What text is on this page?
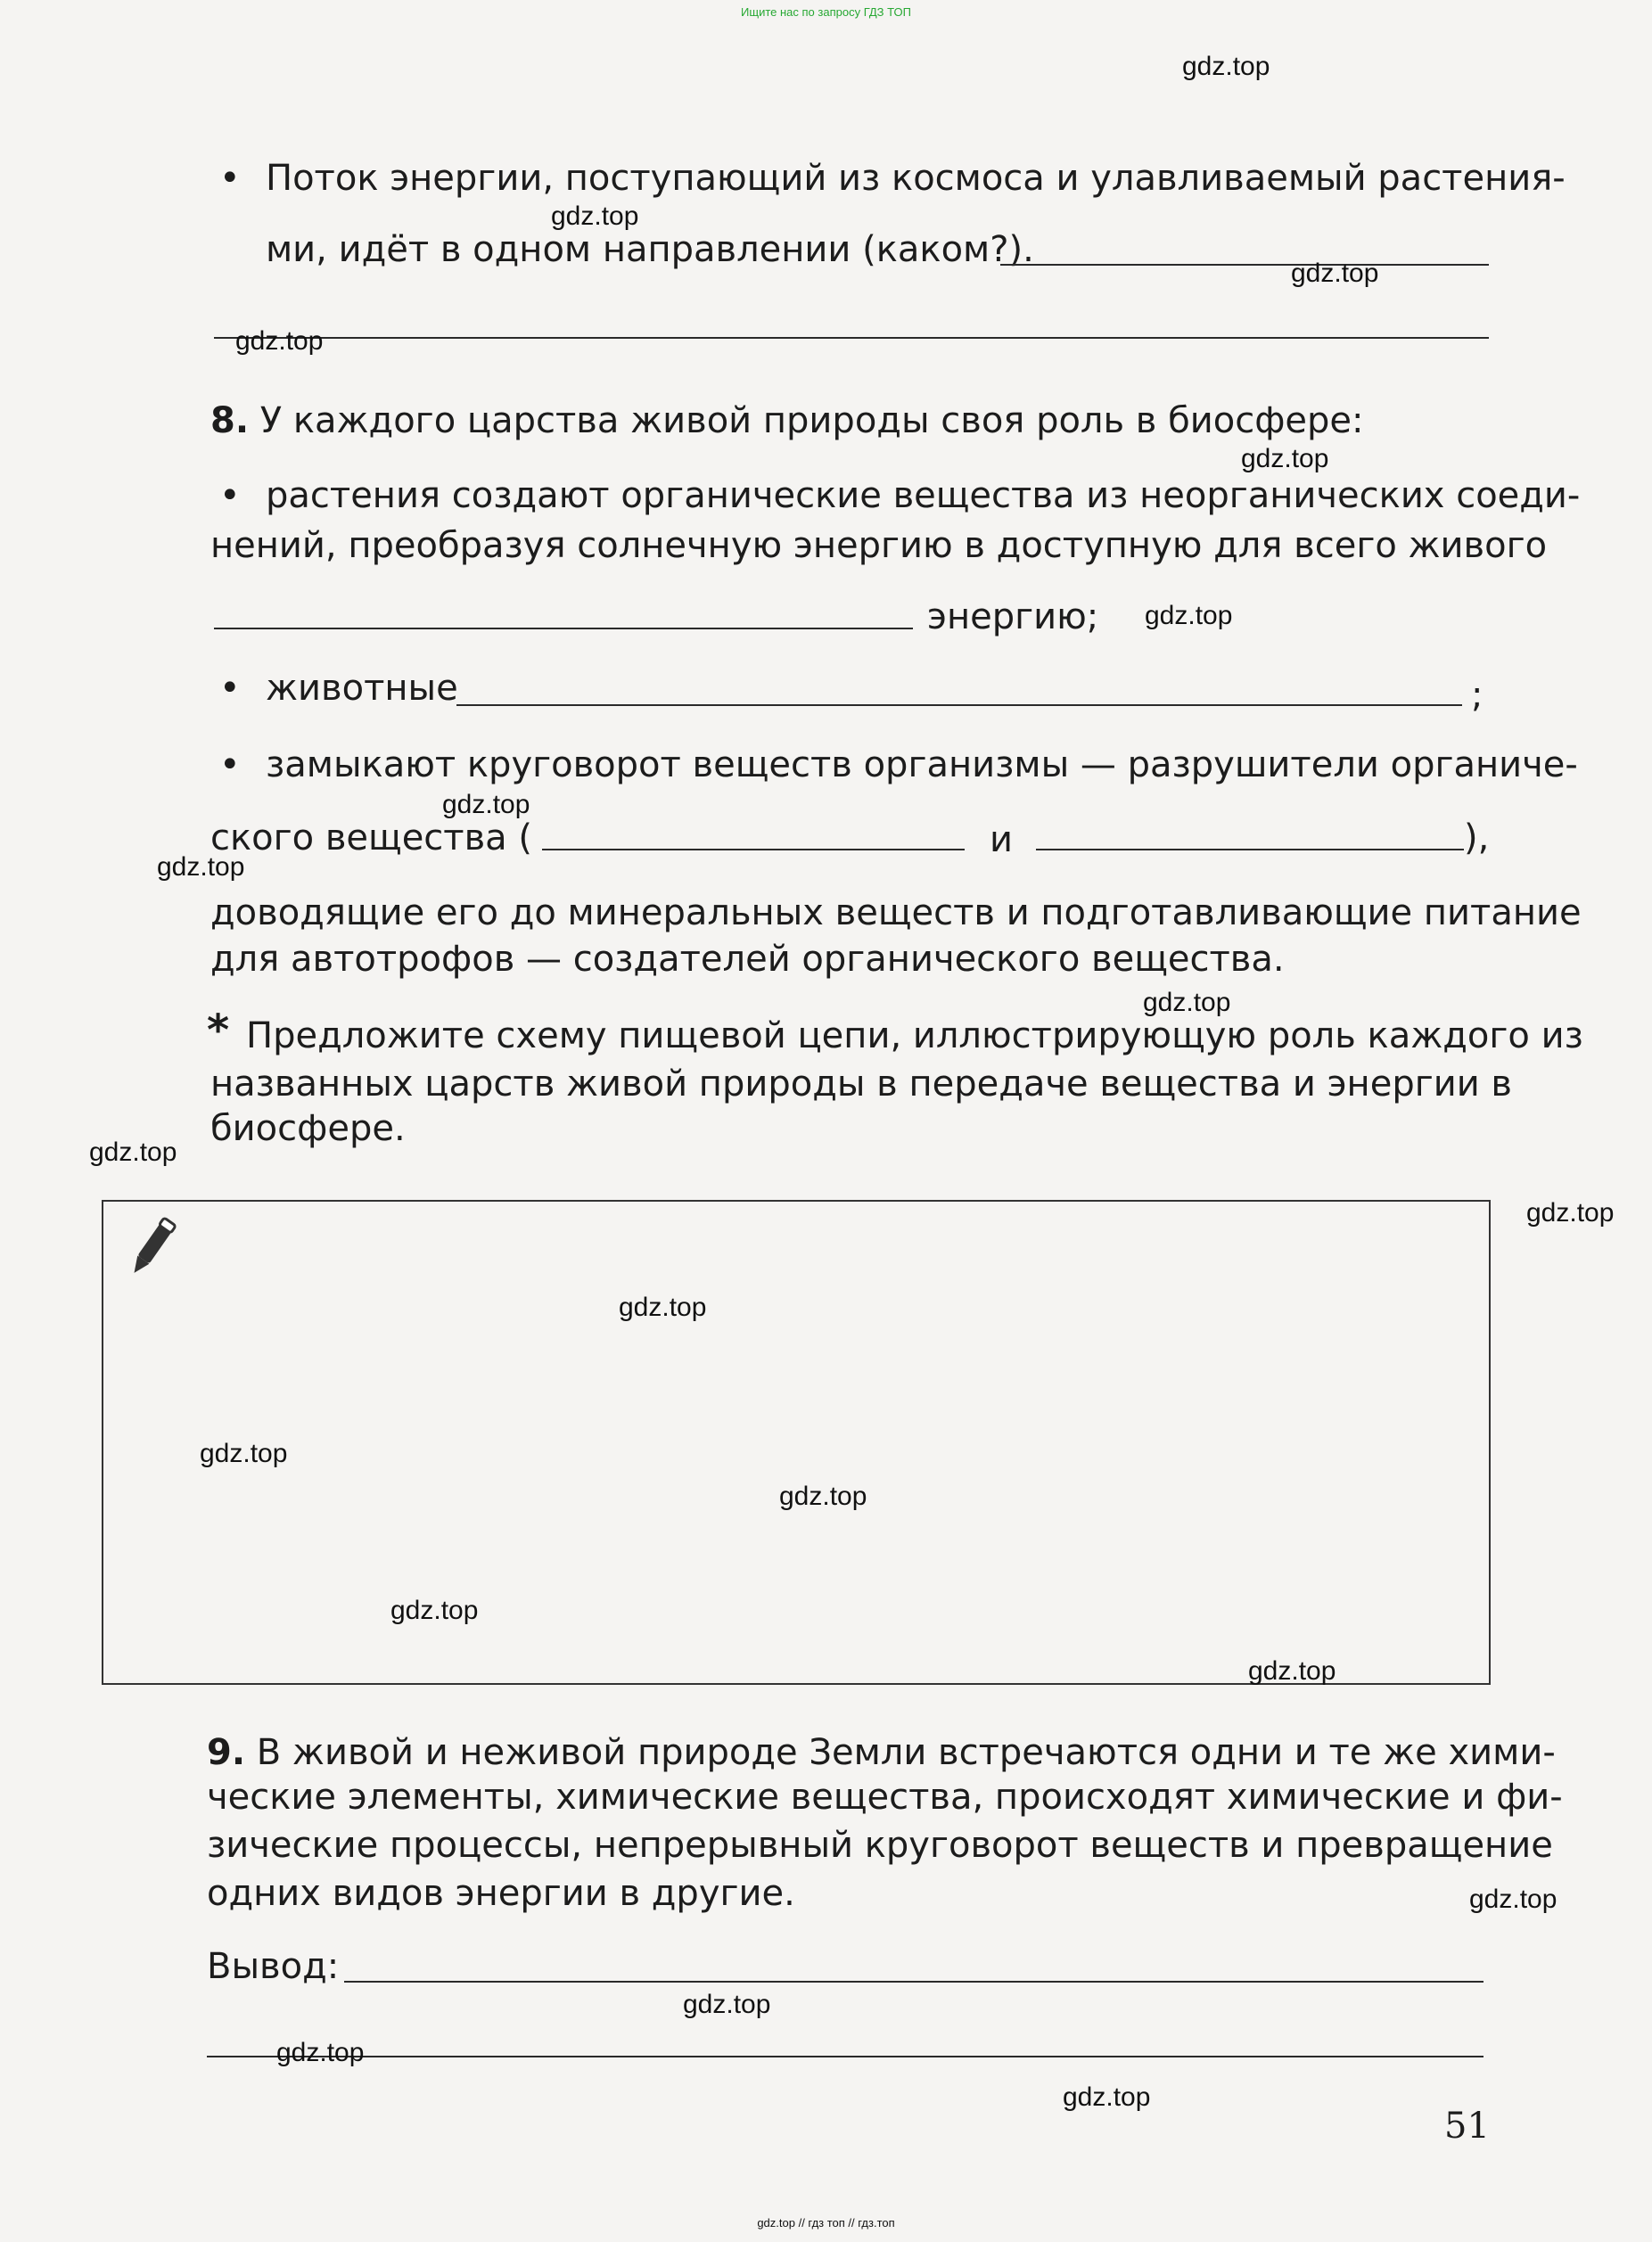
Ищите нас по запросу ГДЗ ТОП
• Поток энергии, поступающий из космоса и улавливаемый растения-
ми, идёт в одном направлении (каком?).
8. У каждого царства живой природы своя роль в биосфере:
• растения создают органические вещества из неорганических соеди-
нений, преобразуя солнечную энергию в доступную для всего живого
энергию;
• животные	;
• замыкают круговорот веществ организмы — разрушители органиче-
ского вещества (	и	),
доводящие его до минеральных веществ и подготавливающие питание
для автотрофов — создателей органического вещества.
* Предложите схему пищевой цепи, иллюстрирующую роль каждого из
названных царств живой природы в передаче вещества и энергии в
биосфере.
9. В живой и неживой природе Земли встречаются одни и те же хими-
ческие элементы, химические вещества, происходят химические и фи-
зические процессы, непрерывный круговорот веществ и превращение
одних видов энергии в другие.
Вывод:
51
gdz.top
gdz.top
gdz.top
gdz.top
gdz.top
gdz.top
gdz.top
gdz.top
gdz.top
gdz.top
gdz.top
gdz.top
gdz.top
gdz.top
gdz.top
gdz.top
gdz.top
gdz.top
gdz.top
gdz.top
gdz.top // гдз топ // гдз.топ
